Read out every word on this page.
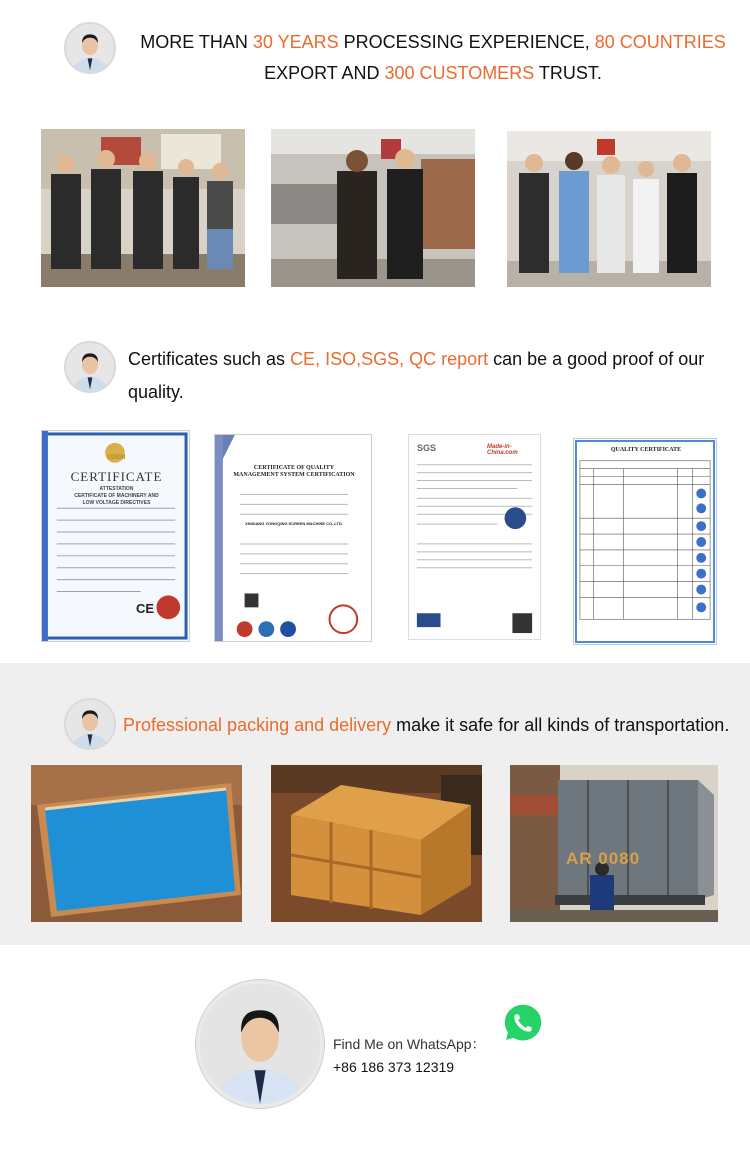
MORE THAN 30 YEARS PROCESSING EXPERIENCE, 80 COUNTRIES
EXPORT AND 300 CUSTOMERS TRUST.
Certificates such as CE, ISO,SGS, QC report can be a good proof of our quality.
UDEM
CERTIFICATE
ATTESTATION
CERTIFICATE OF MACHINERY AND
LOW VOLTAGE DIRECTIVES
CE
CERTIFICATE OF QUALITY
MANAGEMENT SYSTEM CERTIFICATION
XINXIANG YONGQING SCREEN MACHINE CO.,LTD.
SGS	Made-in-China.com	QUALITY CERTIFICATE
Professional packing and delivery make it safe for all kinds of transportation.
AR 0080
Find Me on WhatsApp：
+86 186 373 12319
